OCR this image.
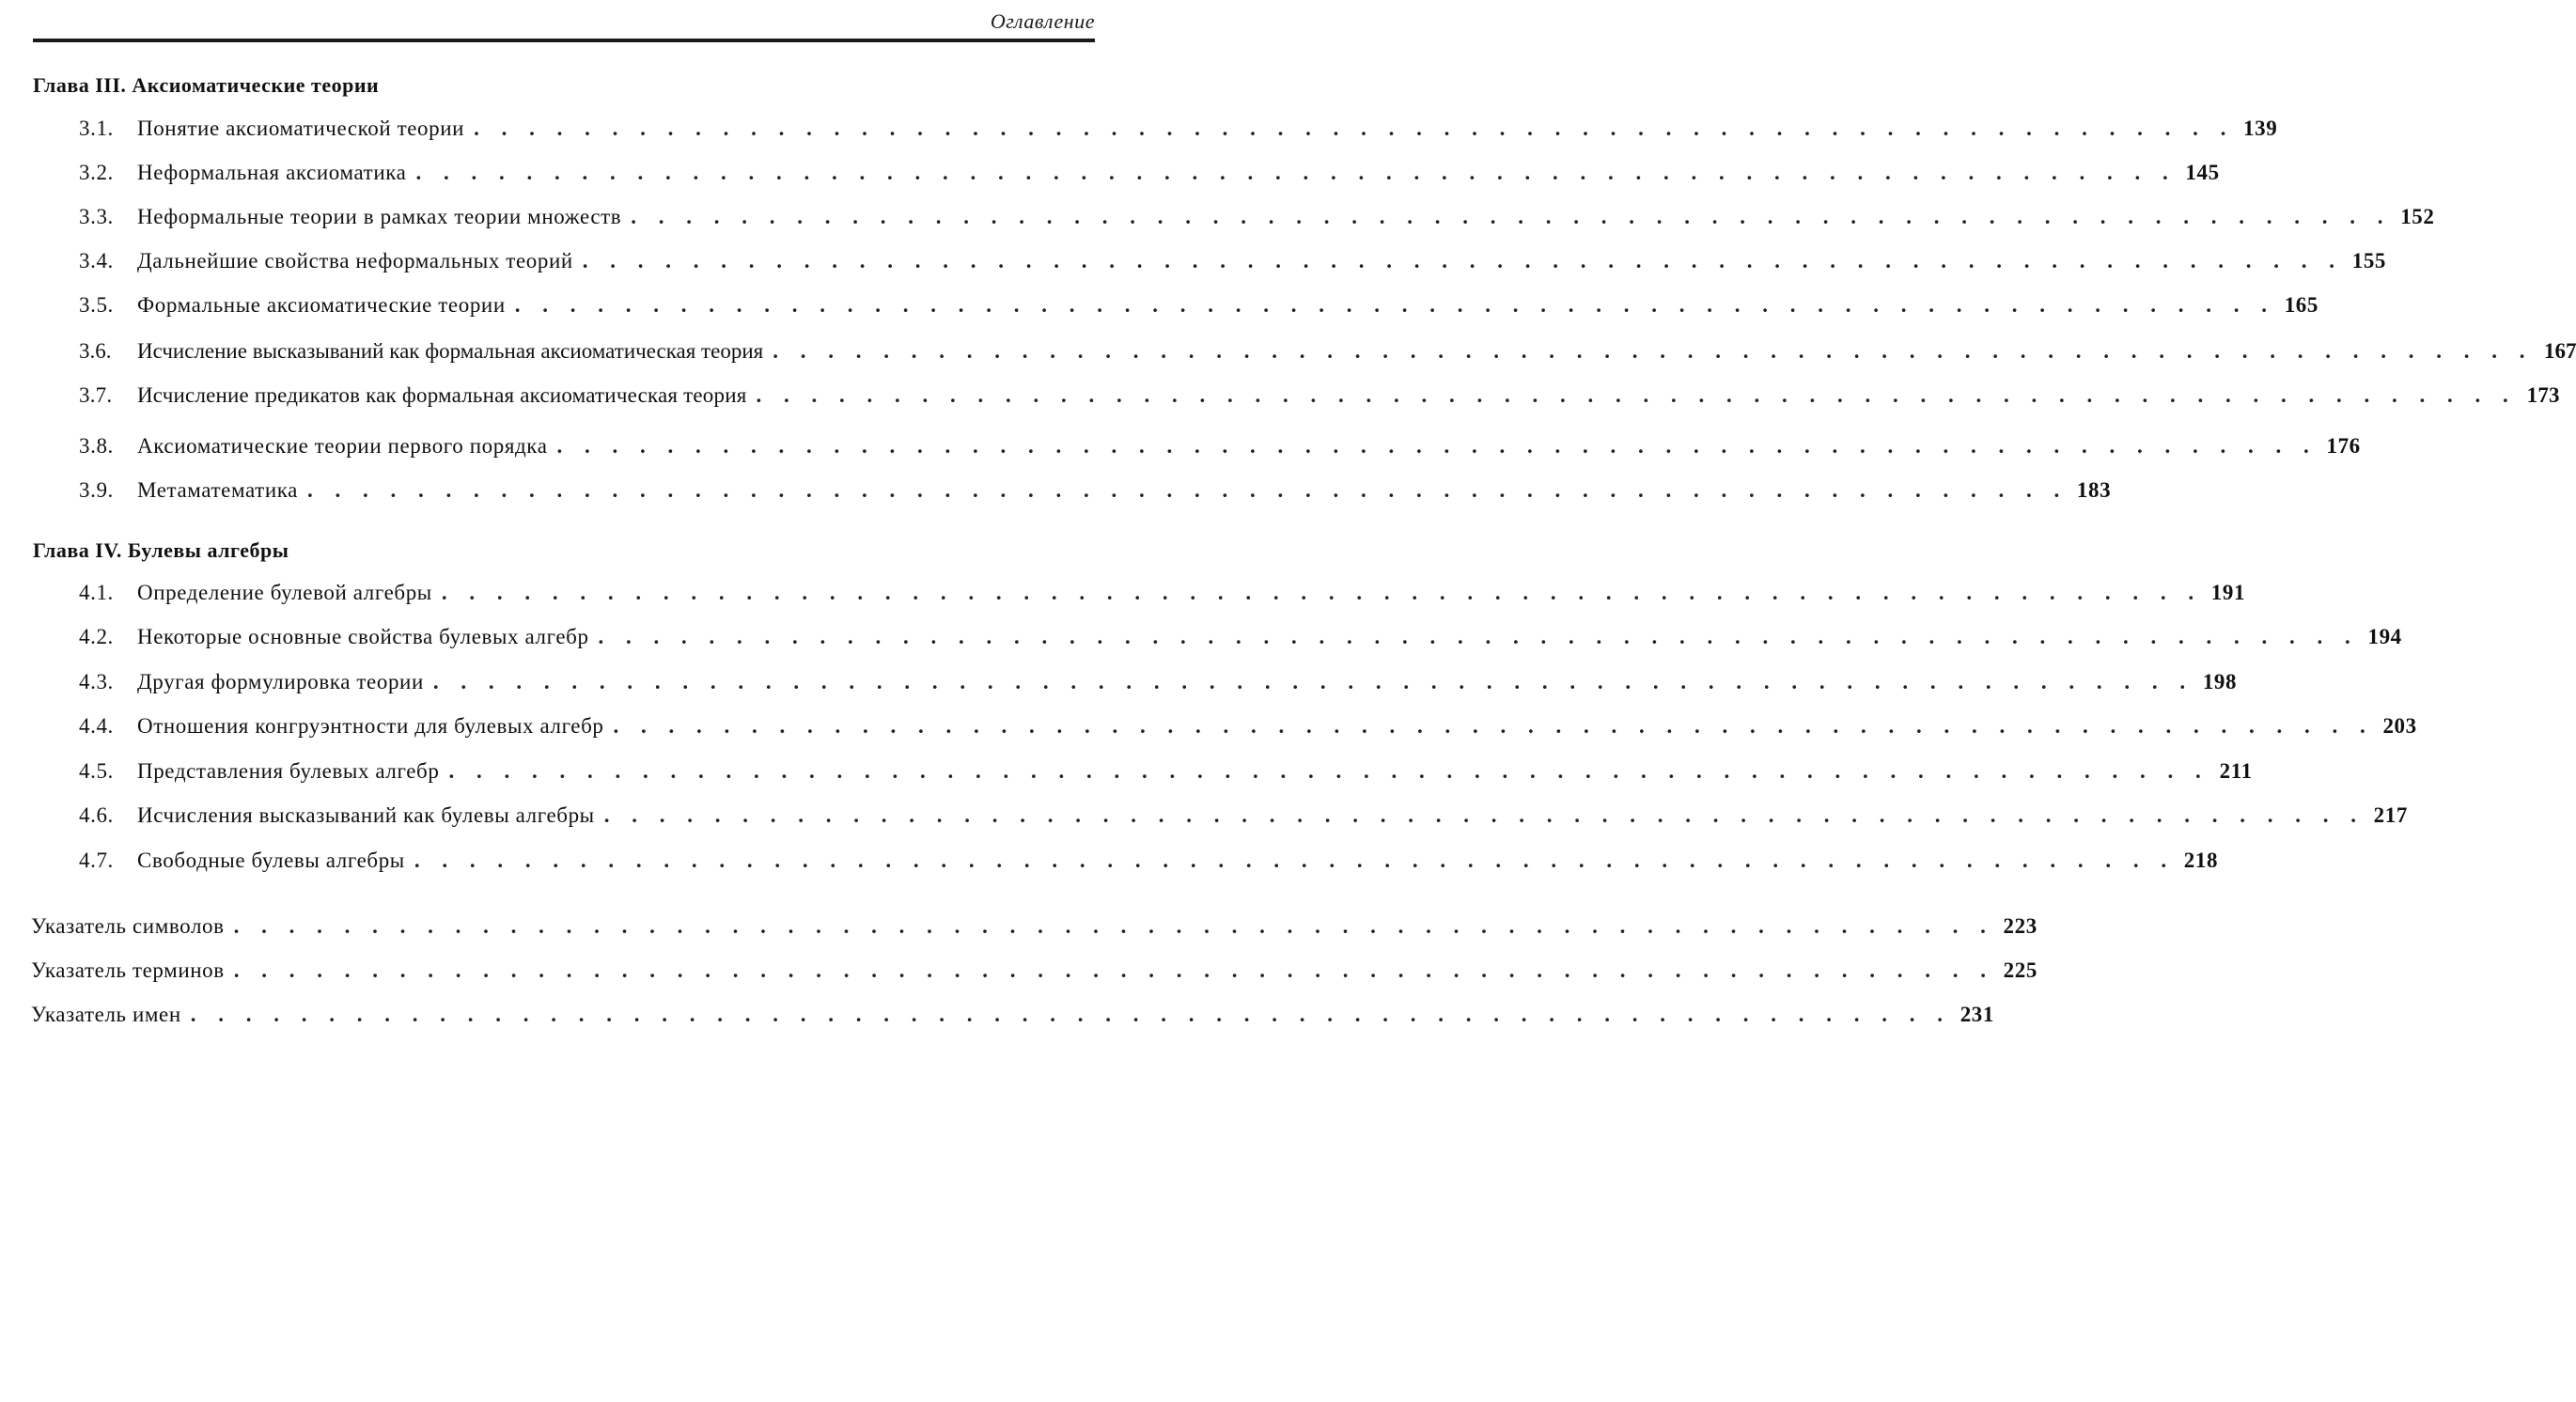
Оглавление
Глава III. Аксиоматические теории
3.1.	Понятие аксиоматической теории . . . . . . . . . . . . . . . . . . . . . . . . . . . . . . . . . . . . . . . . . . . . . . . . . . . . . . . . . . . . . . . . 139
3.2.	Неформальная аксиоматика . . . . . . . . . . . . . . . . . . . . . . . . . . . . . . . . . . . . . . . . . . . . . . . . . . . . . . . . . . . . . . . . 145
3.3.	Неформальные теории в рамках теории множеств . . . . . . . . . . . . . . . . . . . . . . . . . . . . . . . . . . . . . . . . . . . . . . . . . . . . . . . . . . . . . . . . 152
3.4.	Дальнейшие свойства неформальных теорий . . . . . . . . . . . . . . . . . . . . . . . . . . . . . . . . . . . . . . . . . . . . . . . . . . . . . . . . . . . . . . . . 155
3.5.	Формальные аксиоматические теории . . . . . . . . . . . . . . . . . . . . . . . . . . . . . . . . . . . . . . . . . . . . . . . . . . . . . . . . . . . . . . . . 165
3.6.	Исчисление высказываний как формальная аксиоматическая теория . . . . . . . . . . . . . . . . . . . . . . . . . . . . . . . . . . . . . . . . . . . . . . . . . . . . . . . . . . . . . . . . 167
3.7.	Исчисление предикатов как формальная аксиоматическая теория . . . . . . . . . . . . . . . . . . . . . . . . . . . . . . . . . . . . . . . . . . . . . . . . . . . . . . . . . . . . . . . . 173
3.8.	Аксиоматические теории первого порядка . . . . . . . . . . . . . . . . . . . . . . . . . . . . . . . . . . . . . . . . . . . . . . . . . . . . . . . . . . . . . . . . 176
3.9.	Метаматематика . . . . . . . . . . . . . . . . . . . . . . . . . . . . . . . . . . . . . . . . . . . . . . . . . . . . . . . . . . . . . . . . 183
Глава IV. Булевы алгебры
4.1.	Определение булевой алгебры . . . . . . . . . . . . . . . . . . . . . . . . . . . . . . . . . . . . . . . . . . . . . . . . . . . . . . . . . . . . . . . . 191
4.2.	Некоторые основные свойства булевых алгебр . . . . . . . . . . . . . . . . . . . . . . . . . . . . . . . . . . . . . . . . . . . . . . . . . . . . . . . . . . . . . . . . 194
4.3.	Другая формулировка теории . . . . . . . . . . . . . . . . . . . . . . . . . . . . . . . . . . . . . . . . . . . . . . . . . . . . . . . . . . . . . . . . 198
4.4.	Отношения конгруэнтности для булевых алгебр . . . . . . . . . . . . . . . . . . . . . . . . . . . . . . . . . . . . . . . . . . . . . . . . . . . . . . . . . . . . . . . . 203
4.5.	Представления булевых алгебр . . . . . . . . . . . . . . . . . . . . . . . . . . . . . . . . . . . . . . . . . . . . . . . . . . . . . . . . . . . . . . . . 211
4.6.	Исчисления высказываний как булевы алгебры . . . . . . . . . . . . . . . . . . . . . . . . . . . . . . . . . . . . . . . . . . . . . . . . . . . . . . . . . . . . . . . . 217
4.7.	Свободные булевы алгебры . . . . . . . . . . . . . . . . . . . . . . . . . . . . . . . . . . . . . . . . . . . . . . . . . . . . . . . . . . . . . . . . 218
Указатель символов . . . . . . . . . . . . . . . . . . . . . . . . . . . . . . . . . . . . . . . . . . . . . . . . . . . . . . . . . . . . . . . . 223
Указатель терминов . . . . . . . . . . . . . . . . . . . . . . . . . . . . . . . . . . . . . . . . . . . . . . . . . . . . . . . . . . . . . . . . 225
Указатель имен . . . . . . . . . . . . . . . . . . . . . . . . . . . . . . . . . . . . . . . . . . . . . . . . . . . . . . . . . . . . . . . . 231
